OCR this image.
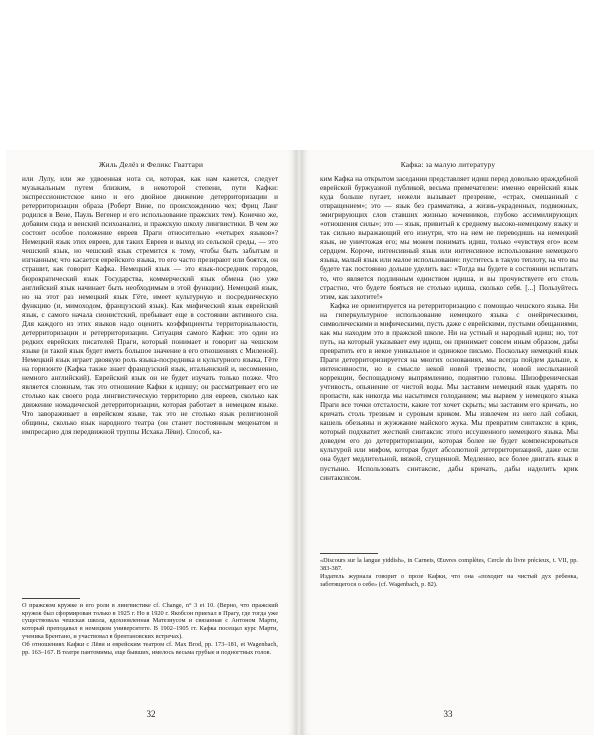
Жиль Делёз и Феликс Гваттари

или Лулу, или же удвоенная нота си, которая, как нам кажется, следует музыкальным путем близким, в некоторой степени, пути Кафки: экспрессионистское кино и его двойное движение детерриторизации и ретерриторизации образа (Роберт Вине, по происхождению чех; Фриц Ланг родился в Вене, Пауль Вегенер и его использование пражских тем). Конечно же, добавим сюда и венский психоанализ, и пражскую школу лингвистики. В чем же состоит особое положение евреев Праги относительно «четырех языков»? Немецкий язык этих евреев, для таких Евреев и выход из сельской среды, — это чешский язык, но чешский язык стремится к тому, чтобы быть забытым и изгнанным; что касается еврейского языка, то его часто презирают или боятся, он страшит, как говорит Кафка. Немецкий язык — это язык-посредник городов, бюрократический язык Государства, коммерческий язык обмена (но уже английский язык начинает быть необходимым в этой функции). Немецкий язык, но на этот раз немецкий язык Гёте, имеет культурную и посредническую функцию (и, мимоходом, французский язык). Как мифический язык еврейский язык, с самого начала сионистский, пребывает еще в состоянии активного сна. Для каждого из этих языков надо оценить коэффициенты территориальности, детерриторизации и ретерриторизации. Ситуация самого Кафки: это один из редких еврейских писателей Праги, который понимает и говорит на чешском языке (и такой язык будет иметь большое значение в его отношениях с Миленой). Немецкий язык играет двоякую роль языка-посредника и культурного языка, Гёте на горизонте (Кафка также знает французский язык, итальянский и, несомненно, немного английский). Еврейский язык он не будет изучать только позже. Что является сложным, так это отношение Кафки к идишу; он рассматривает его не столько как своего рода лингвистическую территорию для евреев, сколько как движение номадической детерриторизации, которая работает в немецком языке. Что завораживает в еврейском языке, так это не столько язык религиозной общины, сколько язык народного театра (он станет постоянным меценатом и импресарио для передвижной труппы Исхака Лёви). Способ, ка-

О пражском кружке и его роли в лингвистике cf. Change, n° 3 et 10. (Верно, что пражский кружок был сформирован только в 1925 г. Но в 1920 г. Якобсон приехал в Прагу, где тогда уже существовала чешская школа, вдохновленная Матезиусом и связанная с Антоном Марти, который преподавал в немецком университете. В 1902–1905 гг. Кафка посещал курс Марти, ученика Брентано, и участвовал в брентановских встречах).

Об отношениях Кафки с Лёви и еврейским театром cf. Max Brod, pp. 173–181, et Wagenbach, pp. 163–167. В театре пантомимы, еще бывших, имелось весьма грубые и подногтных голов.

32
Кафка: за малую литературу

ким Кафка на открытом заседании представляет идиш перед довольно враждебной еврейской буржуазной публикой, весьма примечателен: именно еврейский язык куда больше пугает, нежели вызывает презрение, «страх, смешанный с отвращением»; это — язык без грамматика, а жизнь-украденных, подвижных, эмигрирующих слов ставших жизнью кочевников, глубоко ассимилирующих «отношения силы»; это — язык, привитый к среднему высоко-немецкому языку и так сильно выражающий его изнутри, что на нем не переводишь на немецкий язык, не уничтожая его; мы можем понимать идиш, только «чувствуя его» всем сердцем. Короче, интенсивный язык или интенсивное использование немецкого языка, малый язык или малое использование: пуститесь в такую теплоту, на что вы будете так постоянно дольше уделить вас: «Тогда вы будете в состоянии испытать то, что является подлинным единством идиша, и вы прочувствуете его столь страстно, что будете бояться не столько идиша, сколько себя. [...] Пользуйтесь этим, как захотите!»

Кафка не ориентируется на ретерриторизацию с помощью чешского языка. Ни на гиперкультурное использование немецкого языка с онейрическими, символическими и мифическими, пусть даже с еврейскими, пустыми обещаниями, как мы находим это в пражской школе. Ни на устный и народный идиш; но, тот путь, на который указывает ему идиш, он принимает совсем иным образом, дабы превратить его в некое уникальное и одинокое письмо. Поскольку немецкий язык Праги детерриторизируется на многих основаниях, мы всегда пойдем дальше, к интенсивности, но в смысле некой новой трезвости, новой неслыханной коррекции, беспощадному выпрямлению, поднятию головы. Шизофреническая учтивость, опьянение от чистой воды. Мы заставим немецкий язык ударять по пропасти, как никогда мы насытимся голоданием; мы вырвем у немецкого языка Праги все точки отсталости, какие тот хочет скрыть; мы заставим его кричать, но кричать столь трезвым и суровым криком. Мы извлечем из него лай собаки, кашель обезьяны и жужжание майского жука. Мы превратим синтаксис в крик, который подхватит жесткий синтаксис этого иссушенного немецкого языка. Мы доведем его до детерриторизации, которая более не будет компенсироваться культурой или мифом, которая будет абсолютной детерриторизацией, даже если она будет медлительной, вязкой, сгущенной. Медленно, все более двигать язык в пустыню. Использовать синтаксис, дабы кричать, дабы наделить крик синтаксисом.

«Discours sur la langue yiddish», in Carnets, Œuvres complètes, Cercle du livre précieux, t. VII, pp. 383-387.

Издатель журнала говорит о прозе Кафки, что она «походит на чистый дух ребенка, заботящегося о себе» (cf. Wagenbach, p. 82).

33
